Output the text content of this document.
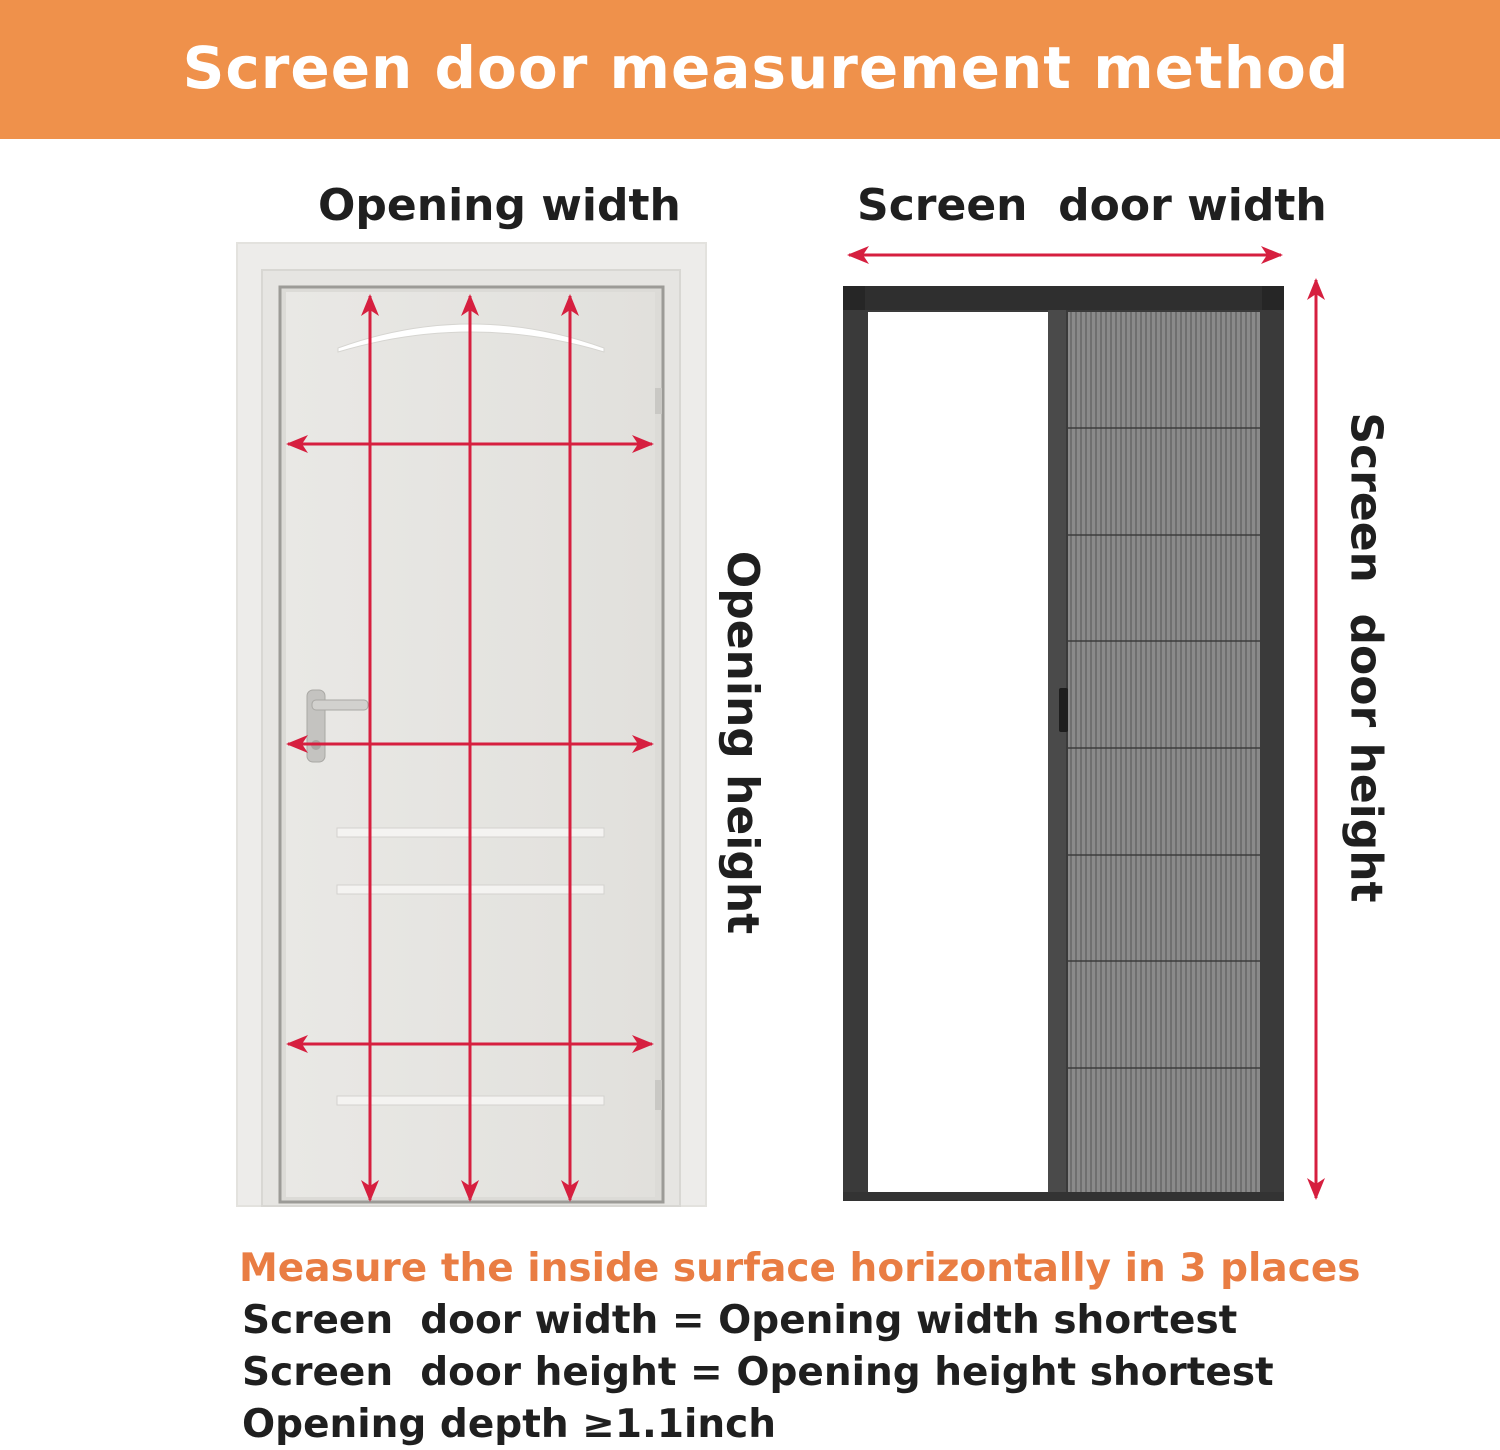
Screen door measurement method
Opening width	Screen  door width
Opening height	Screen  door height
Measure the inside surface horizontally in 3 places
Screen  door width = Opening width shortest
Screen  door height = Opening height shortest
Opening depth ≥1.1inch
